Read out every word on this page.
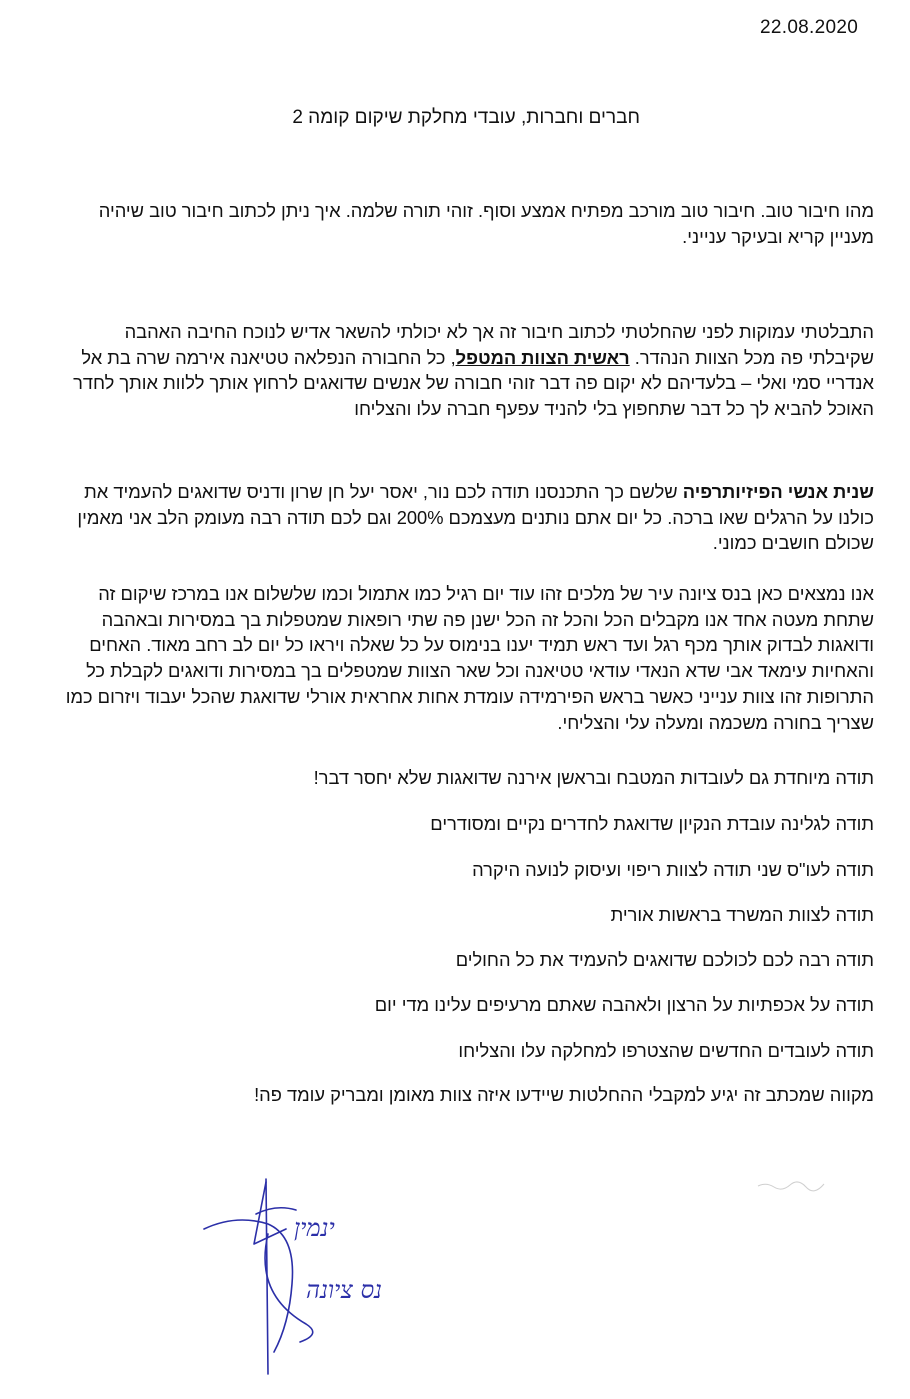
22.08.2020
חברים וחברות, עובדי מחלקת שיקום קומה 2

מהו חיבור טוב. חיבור טוב מורכב מפתיח אמצע וסוף. זוהי תורה שלמה. איך ניתן לכתוב חיבור טוב שיהיה מעניין קריא ובעיקר ענייני.

התבלטתי עמוקות לפני שהחלטתי לכתוב חיבור זה אך לא יכולתי להשאר אדיש לנוכח החיבה האהבה שקיבלתי פה מכל הצוות הנהדר. ראשית הצוות המטפל, כל החבורה הנפלאה טטיאנה אירמה שרה בת אל אנדריי סמי ואלי – בלעדיהם לא יקום פה דבר זוהי חבורה של אנשים שדואגים לרחוץ אותך ללוות אותך לחדר האוכל להביא לך כל דבר שתחפוץ בלי להניד עפעף חברה עלו והצליחו

שנית אנשי הפיזיותרפיה שלשם כך התכנסנו תודה לכם נור, יאסר יעל חן שרון ודניס שדואגים להעמיד את כולנו על הרגלים שאו ברכה. כל יום אתם נותנים מעצמכם 200% וגם לכם תודה רבה מעומק הלב אני מאמין שכולם חושבים כמוני.

אנו נמצאים כאן בנס ציונה עיר של מלכים זהו עוד יום רגיל כמו אתמול וכמו שלשלום אנו במרכז שיקום זה שתחת מעטה אחד אנו מקבלים הכל והכל זה הכל ישנן פה שתי רופאות שמטפלות בך במסירות ובאהבה ודואגות לבדוק אותך מכף רגל ועד ראש תמיד יענו בנימוס על כל שאלה ויראו כל יום לב רחב מאוד. האחים והאחיות עימאד אבי שדא הנאדי עודאי טטיאנה וכל שאר הצוות שמטפלים בך במסירות ודואגים לקבלת כל התרופות זהו צוות ענייני כאשר בראש הפירמידה עומדת אחות אחראית אורלי שדואגת שהכל יעבוד ויזרום כמו שצריך בחורה משכמה ומעלה עלי והצליחי.

תודה מיוחדת גם לעובדות המטבח ובראשן אירנה שדואגות שלא יחסר דבר!
תודה לגלינה עובדת הנקיון שדואגת לחדרים נקיים ומסודרים
תודה לעו"ס שני תודה לצוות ריפוי ועיסוק לנועה היקרה
תודה לצוות המשרד בראשות אורית
תודה רבה לכם לכולכם שדואגים להעמיד את כל החולים
תודה על אכפתיות על הרצון ולאהבה שאתם מרעיפים עלינו מדי יום
תודה לעובדים החדשים שהצטרפו למחלקה עלו והצליחו
מקווה שמכתב זה יגיע למקבלי ההחלטות שיידעו איזה צוות מאומן ומבריק עומד פה!
ינמין
נס ציונה
